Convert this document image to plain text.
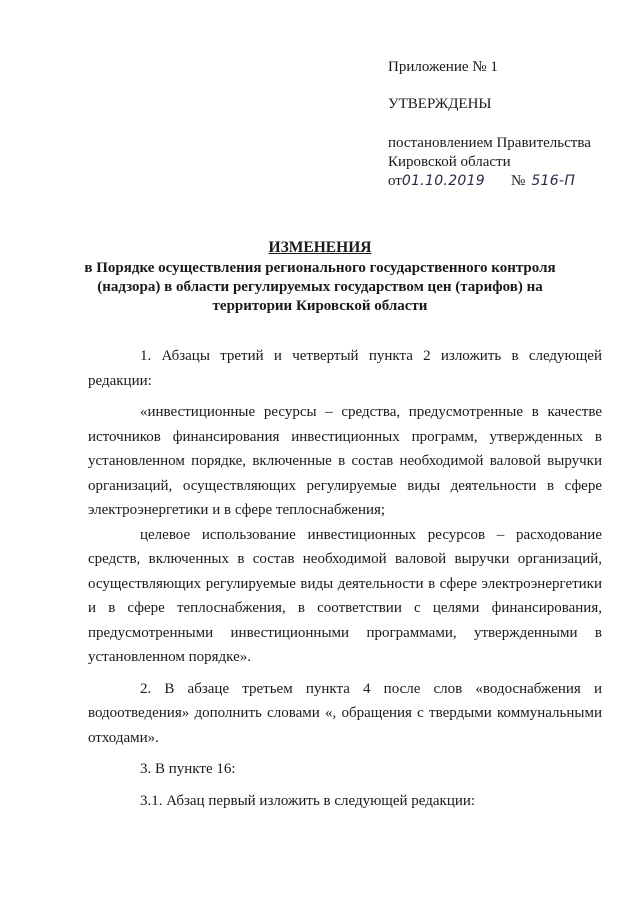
Приложение № 1

УТВЕРЖДЕНЫ

постановлением Правительства

Кировской области

от 01.10.2019 № 516-П

ИЗМЕНЕНИЯ

в Порядке осуществления регионального государственного контроля

(надзора) в области регулируемых государством цен (тарифов) на

территории Кировской области

1. Абзацы третий и четвертый пункта 2 изложить в следующей редакции:

«инвестиционные ресурсы – средства, предусмотренные в качестве источников финансирования инвестиционных программ, утвержденных в установленном порядке, включенные в состав необходимой валовой выручки организаций, осуществляющих регулируемые виды деятельности в сфере электроэнергетики и в сфере теплоснабжения;

целевое использование инвестиционных ресурсов – расходование средств, включенных в состав необходимой валовой выручки организаций, осуществляющих регулируемые виды деятельности в сфере электроэнергетики и в сфере теплоснабжения, в соответствии с целями финансирования, предусмотренными инвестиционными программами, утвержденными в установленном порядке».

2. В абзаце третьем пункта 4 после слов «водоснабжения и водоотведения» дополнить словами «, обращения с твердыми коммунальными отходами».

3. В пункте 16:

3.1. Абзац первый изложить в следующей редакции:
